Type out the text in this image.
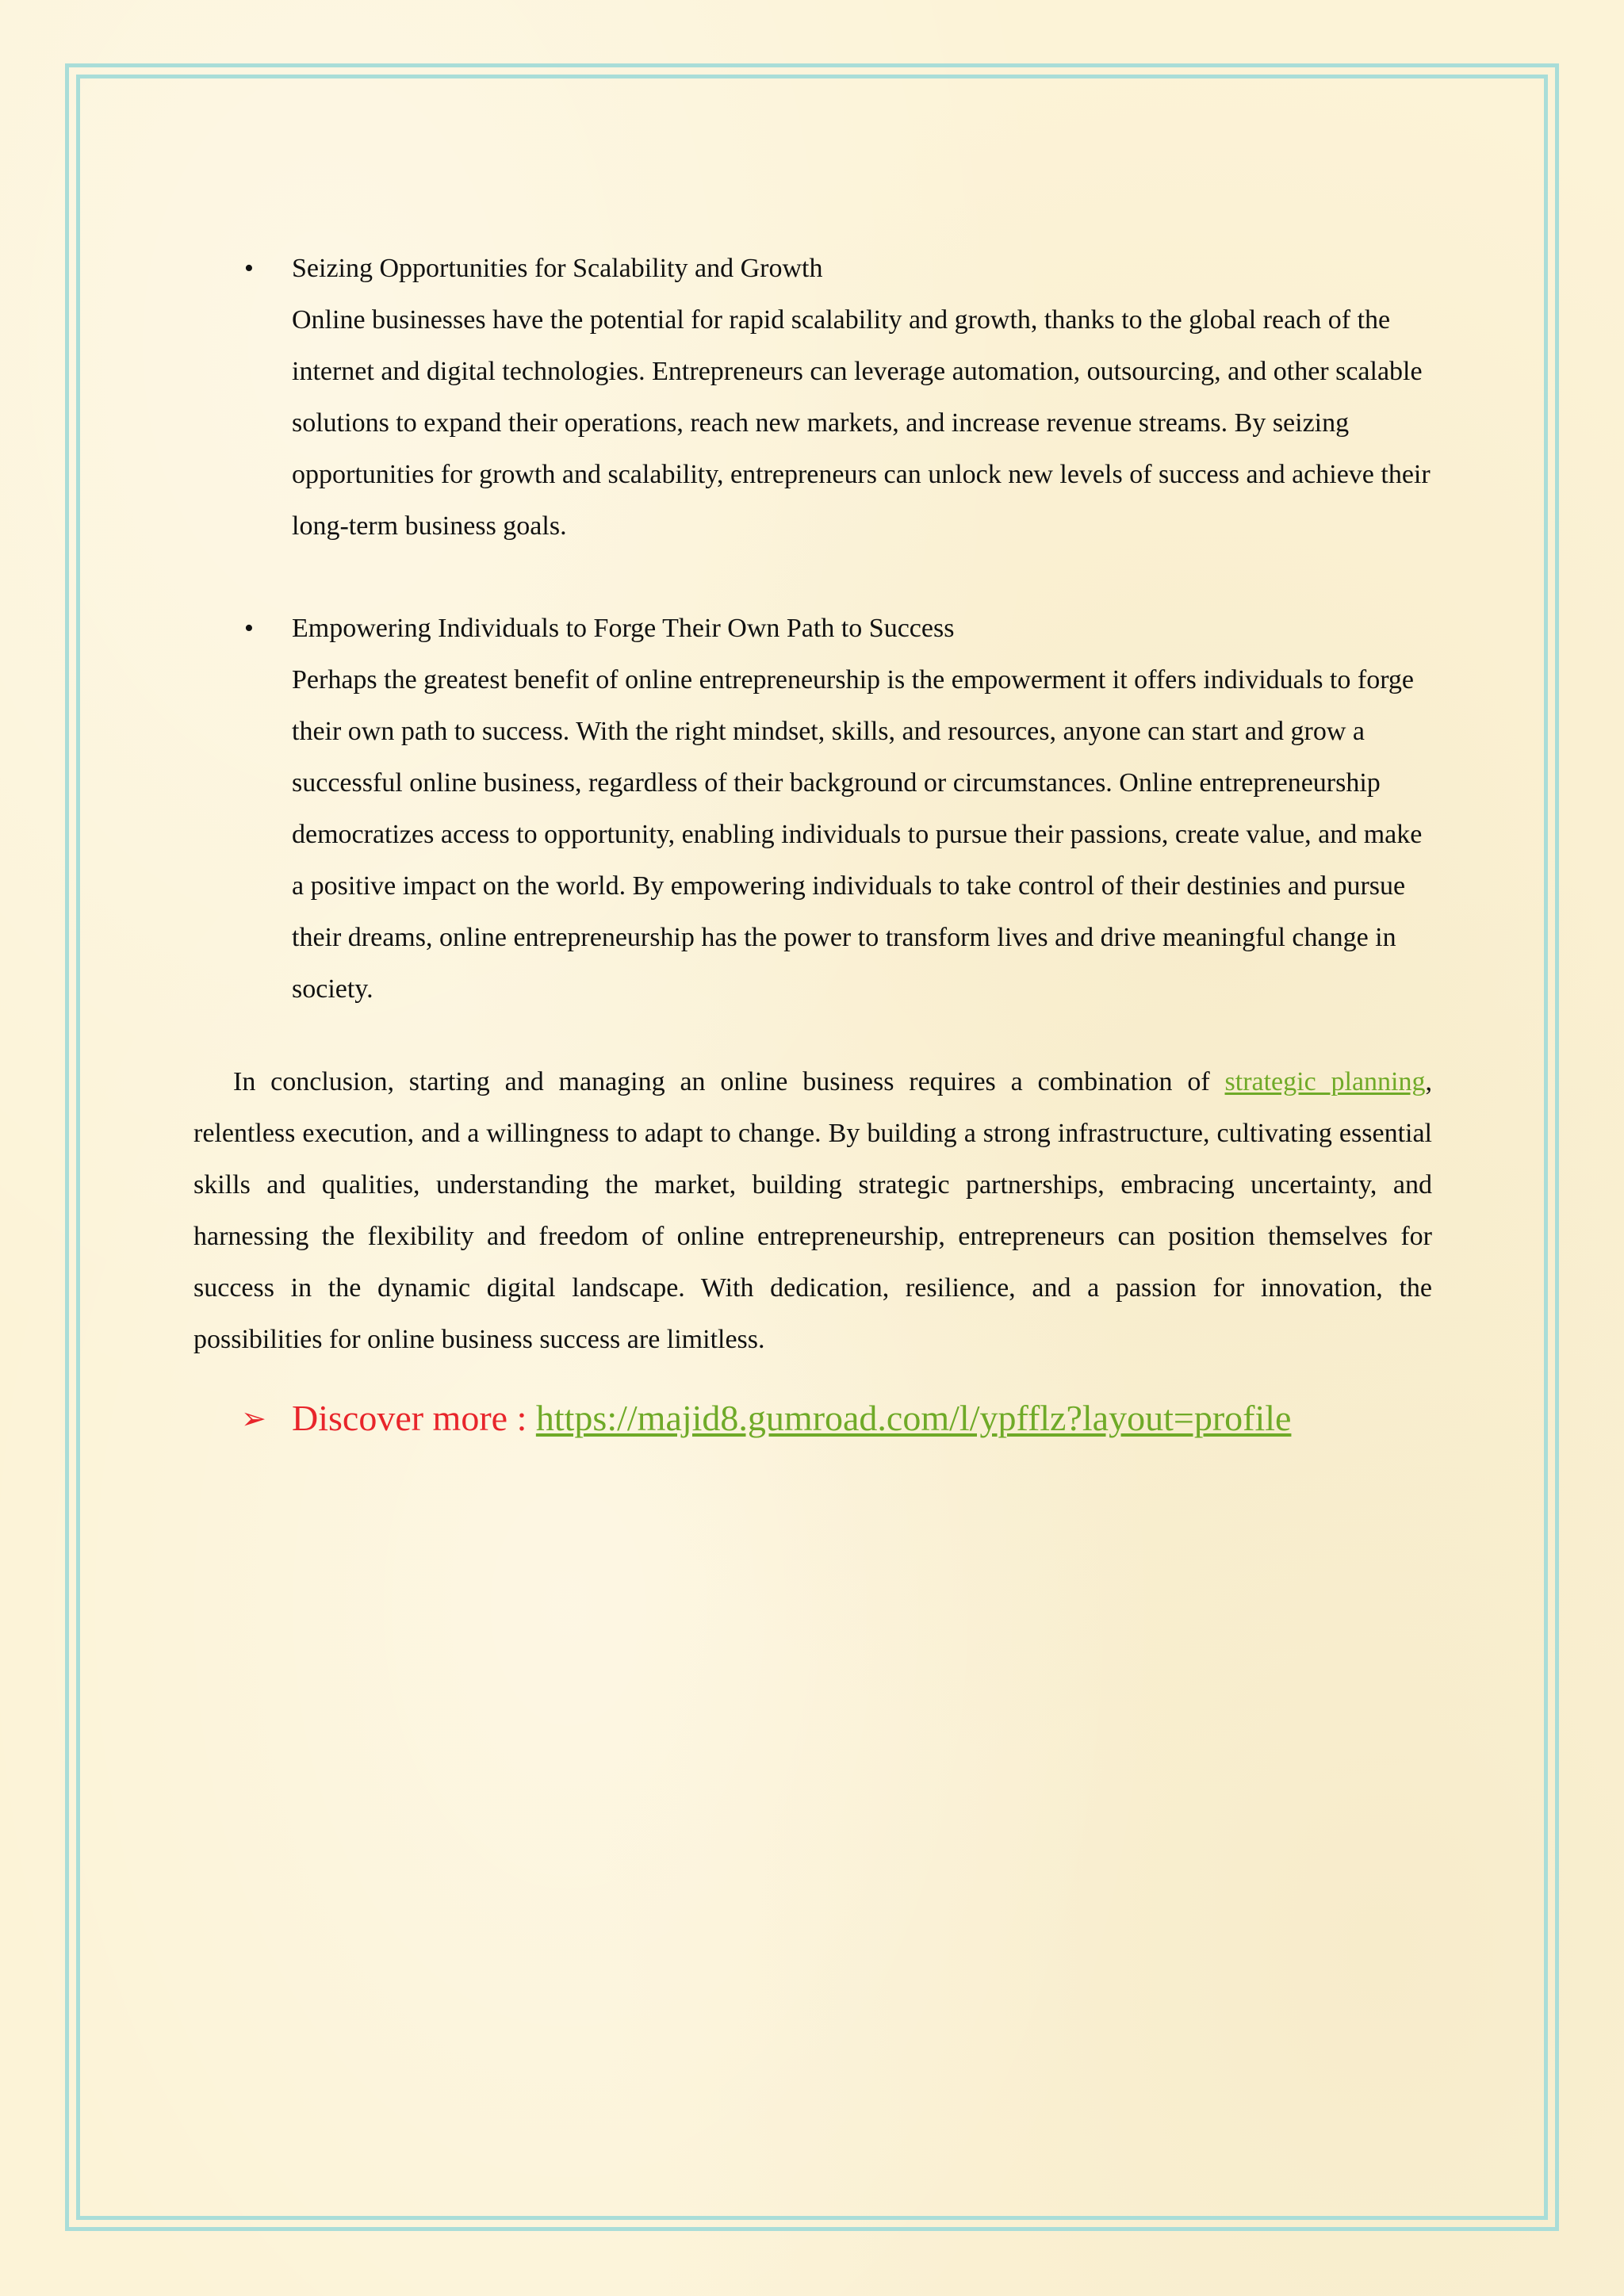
• Seizing Opportunities for Scalability and Growth
Online businesses have the potential for rapid scalability and growth, thanks to the global reach of the internet and digital technologies. Entrepreneurs can leverage automation, outsourcing, and other scalable solutions to expand their operations, reach new markets, and increase revenue streams. By seizing opportunities for growth and scalability, entrepreneurs can unlock new levels of success and achieve their long-term business goals.
• Empowering Individuals to Forge Their Own Path to Success
Perhaps the greatest benefit of online entrepreneurship is the empowerment it offers individuals to forge their own path to success. With the right mindset, skills, and resources, anyone can start and grow a successful online business, regardless of their background or circumstances. Online entrepreneurship democratizes access to opportunity, enabling individuals to pursue their passions, create value, and make a positive impact on the world. By empowering individuals to take control of their destinies and pursue their dreams, online entrepreneurship has the power to transform lives and drive meaningful change in society.

In conclusion, starting and managing an online business requires a combination of strategic planning, relentless execution, and a willingness to adapt to change. By building a strong infrastructure, cultivating essential skills and qualities, understanding the market, building strategic partnerships, embracing uncertainty, and harnessing the flexibility and freedom of online entrepreneurship, entrepreneurs can position themselves for success in the dynamic digital landscape. With dedication, resilience, and a passion for innovation, the possibilities for online business success are limitless.

➢ Discover more : https://majid8.gumroad.com/l/ypfflz?layout=profile
